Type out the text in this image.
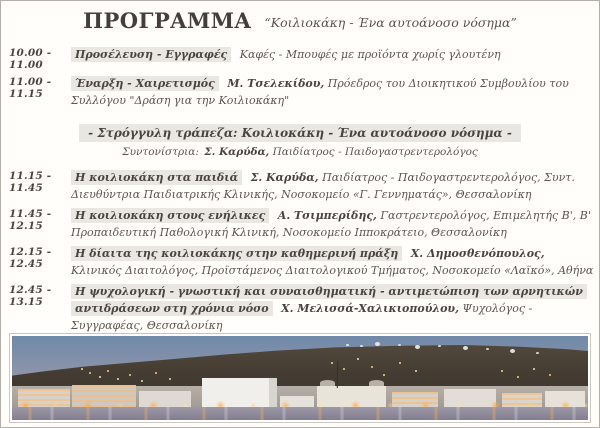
ΠΡΟΓΡΑΜΜΑ “Κοιλιοκάκη - Ένα αυτοάνοσο νόσημα”
10.00 - 11.00
Προσέλευση - Εγγραφές Καφές - Μπουφές με προϊόντα χωρίς γλουτένη
11.00 - 11.15
Έναρξη - Χαιρετισμός Μ. Τσελεκίδου, Πρόεδρος του Διοικητικού Συμβουλίου του Συλλόγου "Δράση για την Κοιλιοκάκη"
- Στρόγγυλη τράπεζα: Κοιλιοκάκη - Ένα αυτοάνοσο νόσημα -
Συντονίστρια: Σ. Καρύδα, Παιδίατρος - Παιδογαστρεντερολόγος
11.15 - 11.45
Η κοιλιοκάκη στα παιδιά Σ. Καρύδα, Παιδίατρος - Παιδογαστρεντερολόγος, Συντ. Διευθύντρια Παιδιατρικής Κλινικής, Νοσοκομείο «Γ. Γεννηματάς», Θεσσαλονίκη
11.45 - 12.15
Η κοιλιοκάκη στους ενήλικες Α. Τσιμπερίδης, Γαστρεντερολόγος, Επιμελητής Β', Β' Προπαιδευτική Παθολογική Κλινική, Νοσοκομείο Ιπποκράτειο, Θεσσαλονίκη
12.15 - 12.45
Η δίαιτα της κοιλιοκάκης στην καθημερινή πράξη Χ. Δημοσθενόπουλος, Κλινικός Διαιτολόγος, Προϊστάμενος Διαιτολογικού Τμήματος, Νοσοκομείο «Λαϊκό», Αθήνα
12.45 - 13.15
Η ψυχολογική - γνωστική και συναισθηματική - αντιμετώπιση των αρνητικών αντιδράσεων στη χρόνια νόσο Χ. Μελισσά-Χαλικιοπούλου, Ψυχολόγος - Συγγραφέας, Θεσσαλονίκη
